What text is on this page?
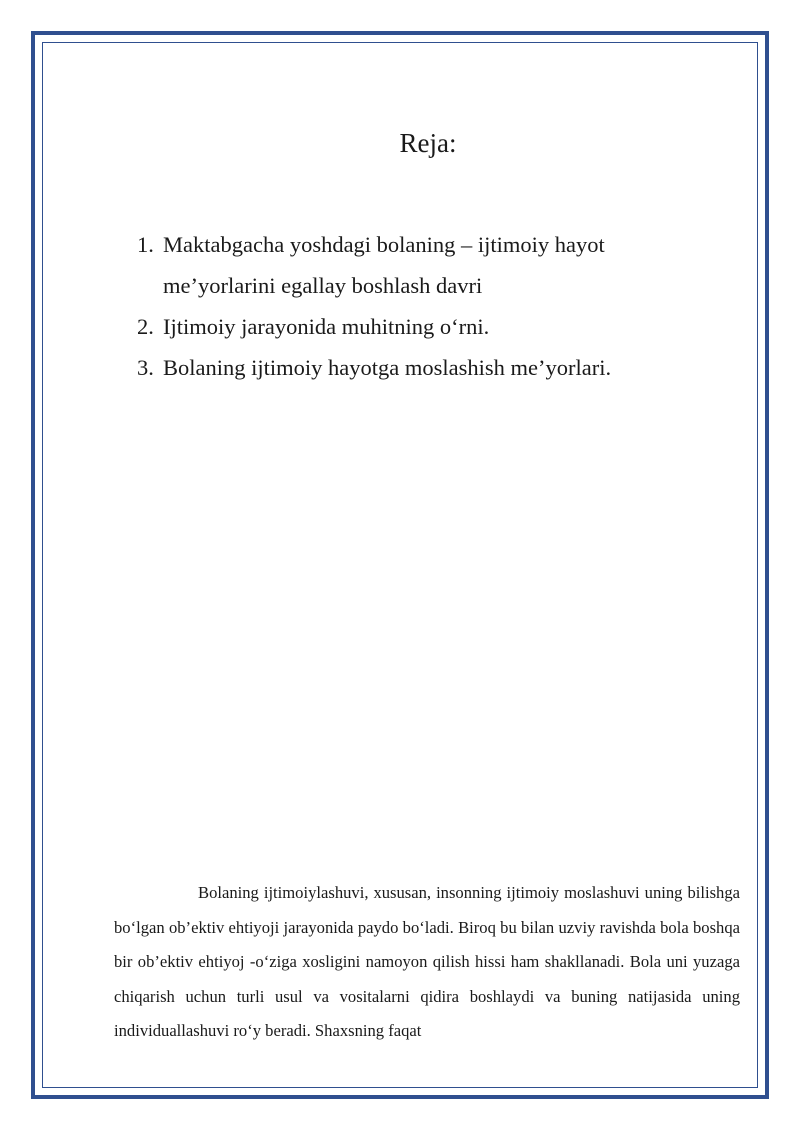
Reja:
1. Maktabgacha yoshdagi bolaning – ijtimoiy hayot me’yorlarini egallay boshlash davri
2. Ijtimoiy jarayonida muhitning o‘rni.
3. Bolaning ijtimoiy hayotga moslashish me’yorlari.

Bolaning ijtimoiylashuvi, xususan, insonning ijtimoiy moslashuvi uning bilishga bo‘lgan ob’ektiv ehtiyoji jarayonida paydo bo‘ladi. Biroq bu bilan uzviy ravishda bola boshqa bir ob’ektiv ehtiyoj -o‘ziga xosligini namoyon qilish hissi ham shakllanadi. Bola uni yuzaga chiqarish uchun turli usul va vositalarni qidira boshlaydi va buning natijasida uning individuallashuvi ro‘y beradi. Shaxsning faqat
